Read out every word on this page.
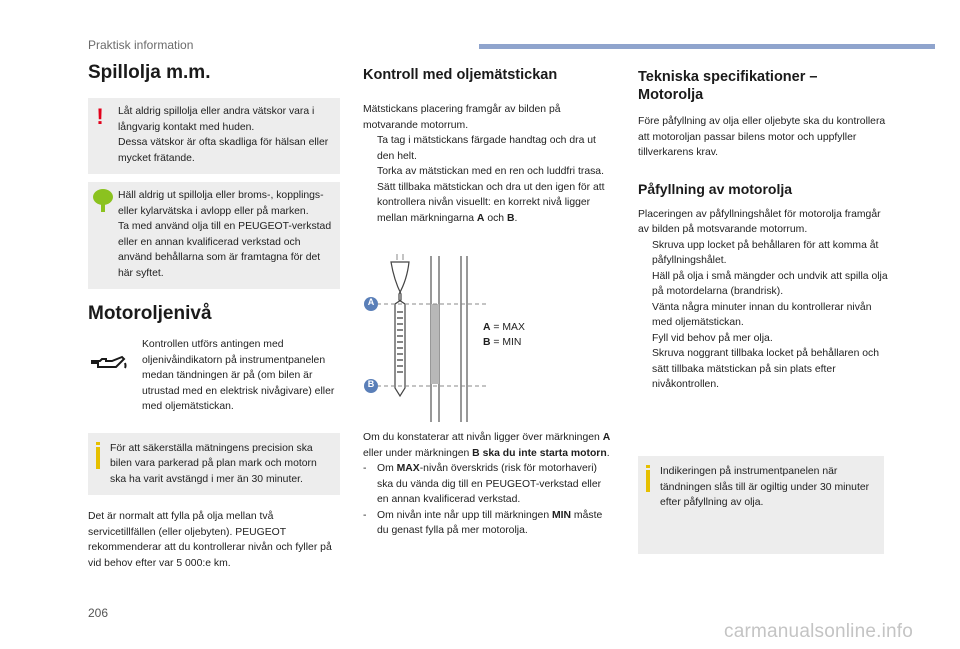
Praktisk information
Spillolja m.m.
! Låt aldrig spillolja eller andra vätskor vara i långvarig kontakt med huden.
Dessa vätskor är ofta skadliga för hälsan eller mycket frätande.

Häll aldrig ut spillolja eller broms-, kopplings- eller kylarvätska i avlopp eller på marken.
Ta med använd olja till en PEUGEOT-verkstad eller en annan kvalificerad verkstad och använd behållarna som är framtagna för det här syftet.

Motoroljenivå

Kontrollen utförs antingen med oljenivåindikatorn på instrumentpanelen medan tändningen är på (om bilen är utrustad med en elektrisk nivågivare) eller med oljemätstickan.

För att säkerställa mätningens precision ska bilen vara parkerad på plan mark och motorn ska ha varit avstängd i mer än 30 minuter.

Det är normalt att fylla på olja mellan två servicetillfällen (eller oljebyten). PEUGEOT rekommenderar att du kontrollerar nivån och fyller på vid behov efter var 5 000:e km.

Kontroll med oljemätstickan

Mätstickans placering framgår av bilden på motvarande motorrum.

Ta tag i mätstickans färgade handtag och dra ut den helt.
Torka av mätstickan med en ren och luddfri trasa.
Sätt tillbaka mätstickan och dra ut den igen för att kontrollera nivån visuellt: en korrekt nivå ligger mellan märkningarna A och B.
A
B
A = MAX
B = MIN

Om du konstaterar att nivån ligger över märkningen A eller under märkningen B ska du inte starta motorn.

- Om MAX-nivån överskrids (risk för motorhaveri) ska du vända dig till en PEUGEOT-verkstad eller en annan kvalificerad verkstad.
- Om nivån inte når upp till märkningen MIN måste du genast fylla på mer motorolja.
Tekniska specifikationer – Motorolja

Före påfyllning av olja eller oljebyte ska du kontrollera att motoroljan passar bilens motor och uppfyller tillverkarens krav.

Påfyllning av motorolja

Placeringen av påfyllningshålet för motorolja framgår av bilden på motsvarande motorrum.

Skruva upp locket på behållaren för att komma åt påfyllningshålet.
Häll på olja i små mängder och undvik att spilla olja på motordelarna (brandrisk).
Vänta några minuter innan du kontrollerar nivån med oljemätstickan.
Fyll vid behov på mer olja.
Skruva noggrant tillbaka locket på behållaren och sätt tillbaka mätstickan på sin plats efter nivåkontrollen.

Indikeringen på instrumentpanelen när tändningen slås till är ogiltig under 30 minuter efter påfyllning av olja.

206
carmanualsonline.info
